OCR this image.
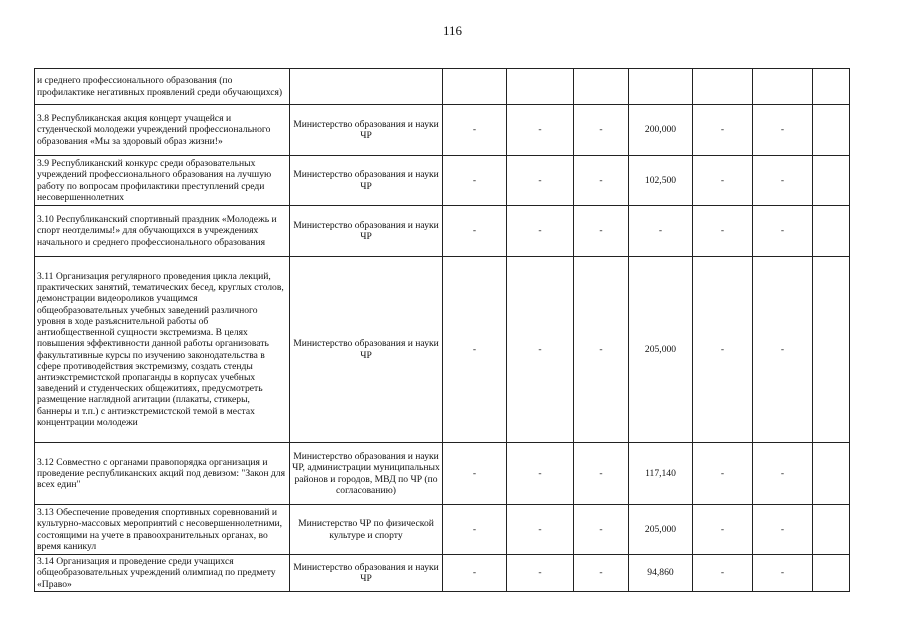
116
и среднего профессионального образования (по профилактике негативных проявлений среди обучающихся)								
3.8 Республиканская акция концерт учащейся и студенческой молодежи учреждений профессионального образования «Мы за здоровый образ жизни!»	Министерство образования и науки ЧР	-	-	-	200,000	-	-	
3.9 Республиканский конкурс среди образовательных учреждений профессионального образования на лучшую работу по вопросам профилактики преступлений среди несовершеннолетних	Министерство образования и науки ЧР	-	-	-	102,500	-	-	
3.10 Республиканский спортивный праздник «Молодежь и спорт неотделимы!» для обучающихся в учреждениях начального и среднего профессионального образования	Министерство образования и науки ЧР	-	-	-	-	-	-	
3.11 Организация регулярного проведения цикла лекций, практических занятий, тематических бесед, круглых столов, демонстрации видеороликов учащимся общеобразовательных учебных заведений различного уровня в ходе разъяснительной работы об антиобщественной сущности экстремизма. В целях повышения эффективности данной работы организовать факультативные курсы по изучению законодательства в сфере противодействия экстремизму, создать стенды антиэкстремистской пропаганды в корпусах учебных заведений и студенческих общежитиях, предусмотреть размещение наглядной агитации (плакаты, стикеры, баннеры и т.п.) с антиэкстремистской темой в местах концентрации молодежи	Министерство образования и науки ЧР	-	-	-	205,000	-	-	
3.12 Совместно с органами правопорядка организация и проведение республиканских акций под девизом: "Закон для всех един"	Министерство образования и науки ЧР, администрации муниципальных районов и городов, МВД по ЧР (по согласованию)	-	-	-	117,140	-	-	
3.13 Обеспечение проведения спортивных соревнований и культурно-массовых мероприятий с несовершеннолетними, состоящими на учете в правоохранительных органах, во время каникул	Министерство ЧР по физической культуре и спорту	-	-	-	205,000	-	-	
3.14 Организация и проведение среди учащихся общеобразовательных учреждений олимпиад по предмету «Право»	Министерство образования и науки ЧР	-	-	-	94,860	-	-	
